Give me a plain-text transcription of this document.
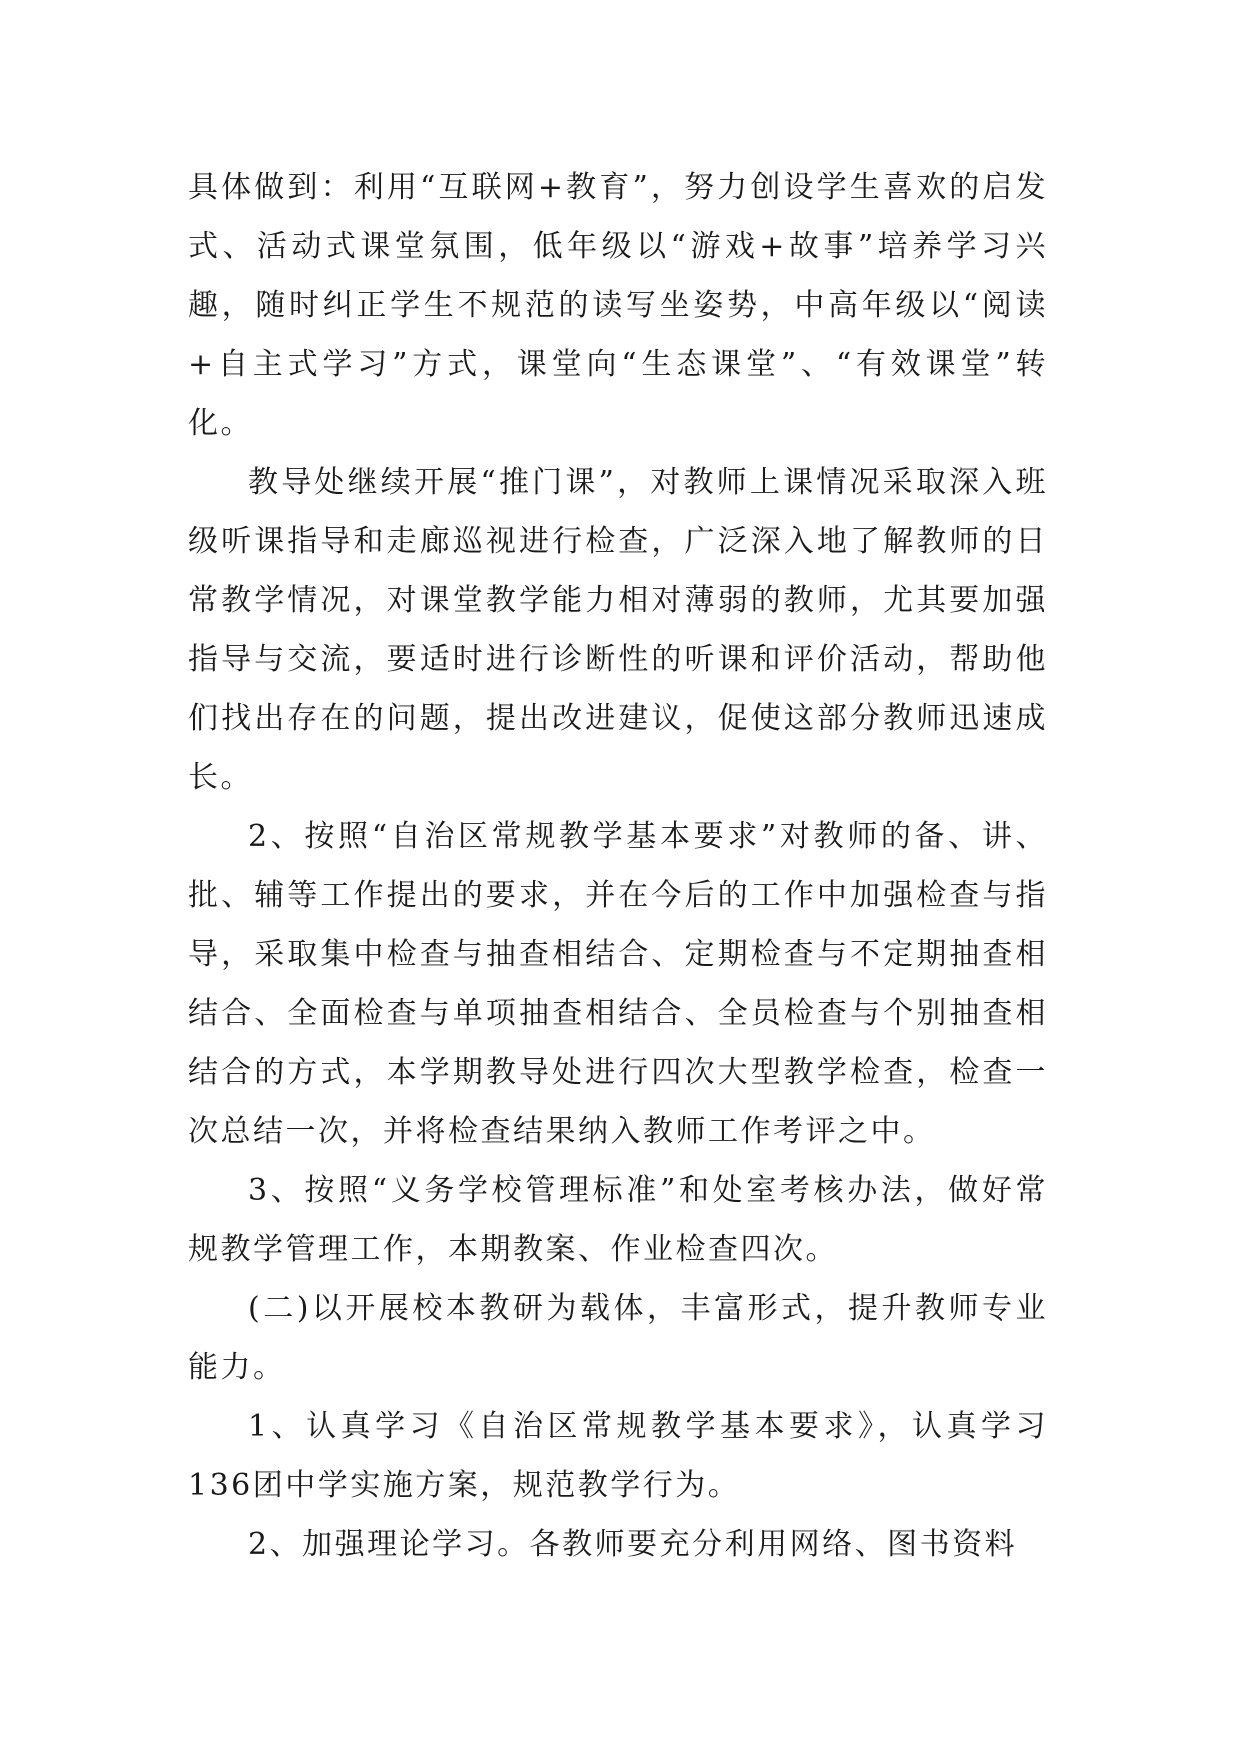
具体做到：利用“互联网+教育”，努力创设学生喜欢的启发式、活动式课堂氛围，低年级以“游戏+故事”培养学习兴趣，随时纠正学生不规范的读写坐姿势，中高年级以“阅读+自主式学习”方式，课堂向“生态课堂”、“有效课堂”转化。

教导处继续开展“推门课”，对教师上课情况采取深入班级听课指导和走廊巡视进行检查，广泛深入地了解教师的日常教学情况，对课堂教学能力相对薄弱的教师，尤其要加强指导与交流，要适时进行诊断性的听课和评价活动，帮助他们找出存在的问题，提出改进建议，促使这部分教师迅速成长。

2、按照“自治区常规教学基本要求”对教师的备、讲、批、辅等工作提出的要求，并在今后的工作中加强检查与指导，采取集中检查与抽查相结合、定期检查与不定期抽查相结合、全面检查与单项抽查相结合、全员检查与个别抽查相结合的方式，本学期教导处进行四次大型教学检查，检查一次总结一次，并将检查结果纳入教师工作考评之中。

3、按照“义务学校管理标准”和处室考核办法，做好常规教学管理工作，本期教案、作业检查四次。

(二)以开展校本教研为载体，丰富形式，提升教师专业能力。

1、认真学习《自治区常规教学基本要求》，认真学习136团中学实施方案，规范教学行为。

2、加强理论学习。各教师要充分利用网络、图书资料
